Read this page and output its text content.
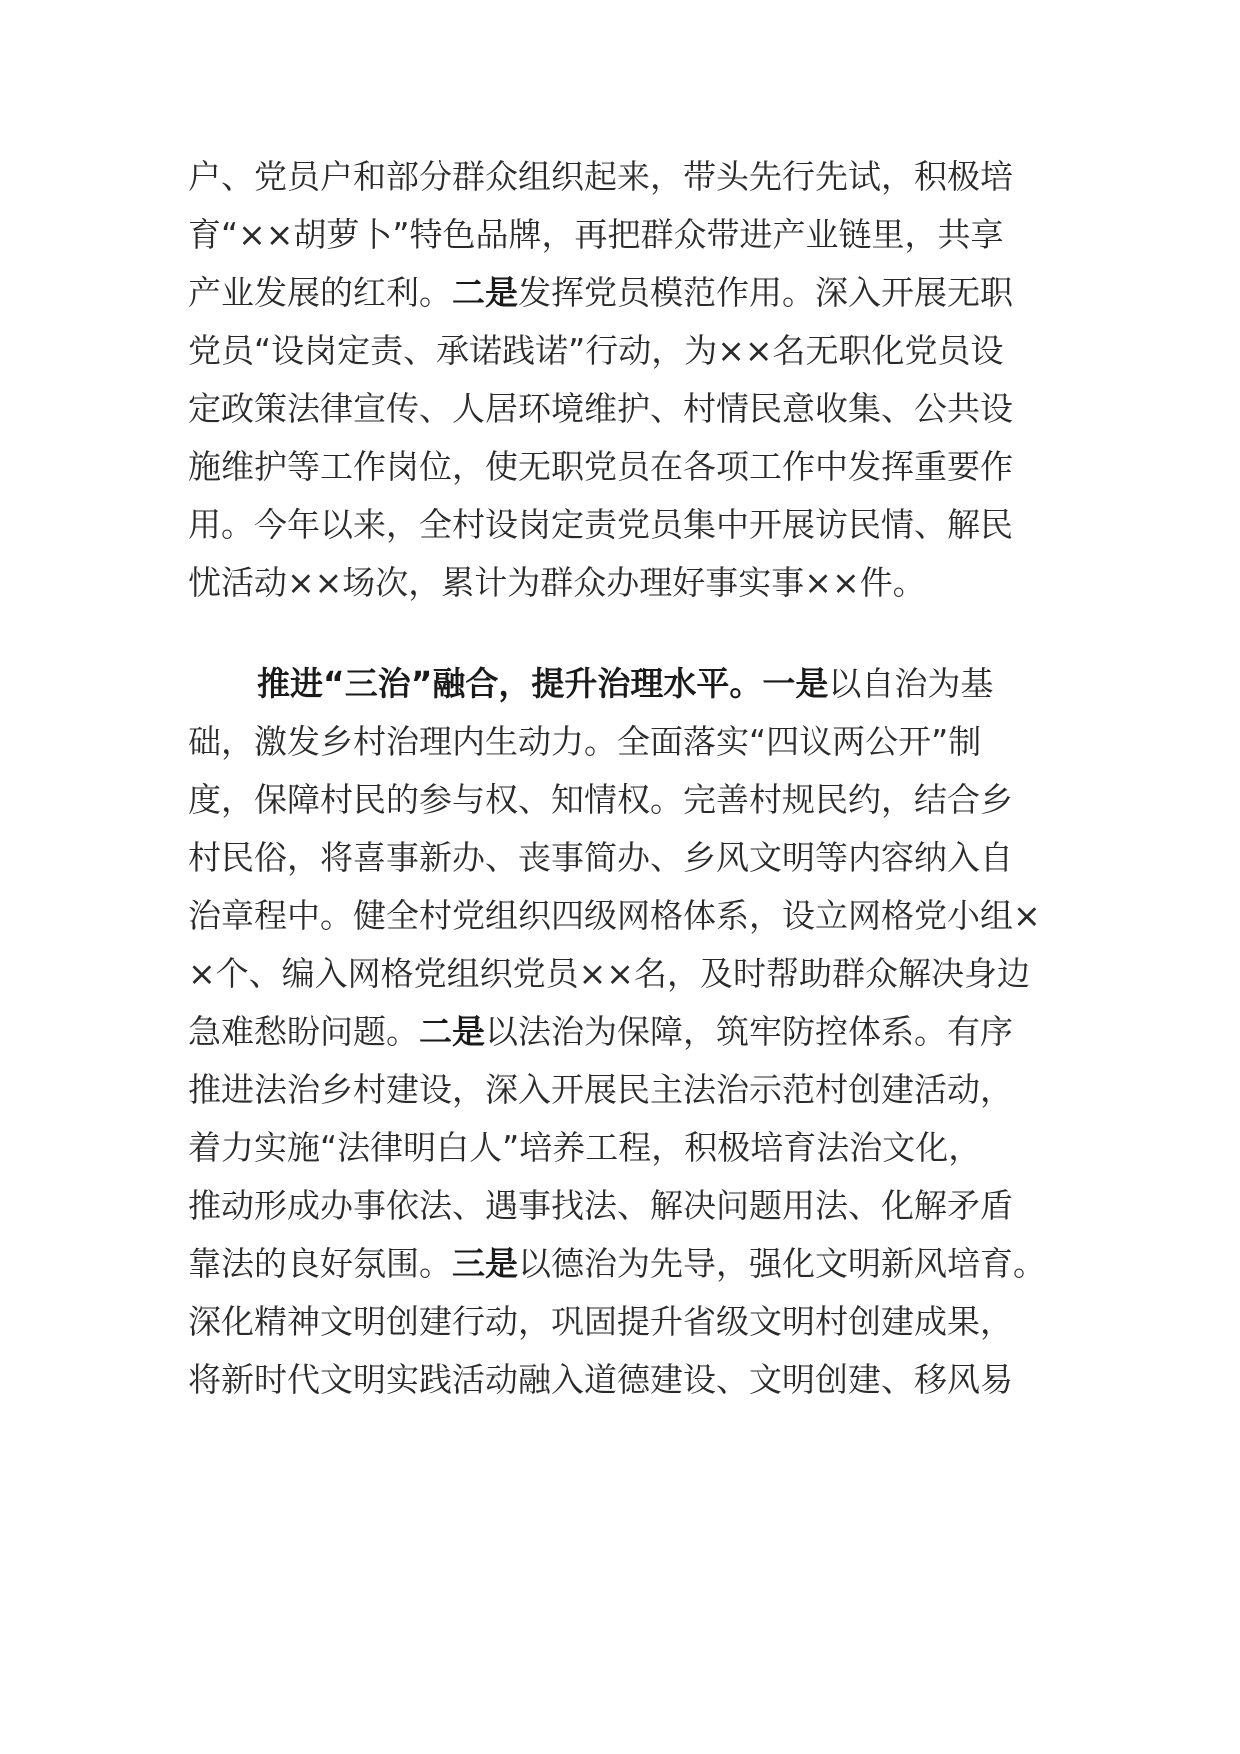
户、党员户和部分群众组织起来，带头先行先试，积极培
育“××胡萝卜”特色品牌，再把群众带进产业链里，共享
产业发展的红利。二是发挥党员模范作用。深入开展无职
党员“设岗定责、承诺践诺”行动，为××名无职化党员设
定政策法律宣传、人居环境维护、村情民意收集、公共设
施维护等工作岗位，使无职党员在各项工作中发挥重要作
用。今年以来，全村设岗定责党员集中开展访民情、解民
忧活动××场次，累计为群众办理好事实事××件。
推进“三治”融合，提升治理水平。一是以自治为基
础，激发乡村治理内生动力。全面落实“四议两公开”制
度，保障村民的参与权、知情权。完善村规民约，结合乡
村民俗，将喜事新办、丧事简办、乡风文明等内容纳入自
治章程中。健全村党组织四级网格体系，设立网格党小组×
×个、编入网格党组织党员××名，及时帮助群众解决身边
急难愁盼问题。二是以法治为保障，筑牢防控体系。有序
推进法治乡村建设，深入开展民主法治示范村创建活动，
着力实施“法律明白人”培养工程，积极培育法治文化，
推动形成办事依法、遇事找法、解决问题用法、化解矛盾
靠法的良好氛围。三是以德治为先导，强化文明新风培育。
深化精神文明创建行动，巩固提升省级文明村创建成果，
将新时代文明实践活动融入道德建设、文明创建、移风易
